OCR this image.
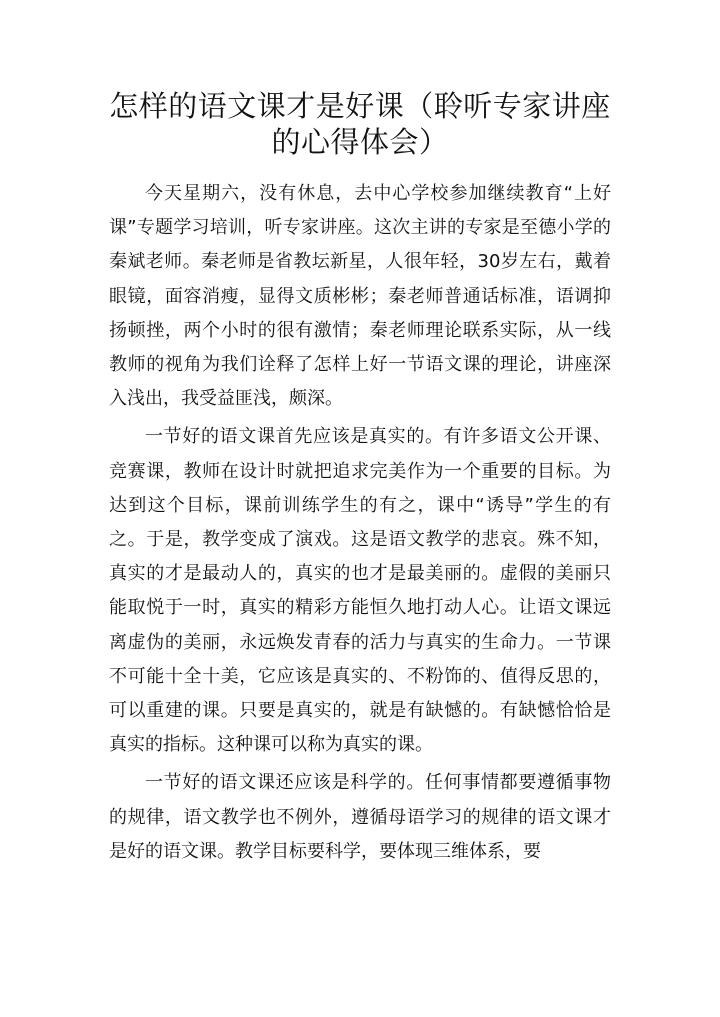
怎样的语文课才是好课（聆听专家讲座的心得体会）

今天星期六，没有休息，去中心学校参加继续教育“上好课”专题学习培训，听专家讲座。这次主讲的专家是至德小学的秦斌老师。秦老师是省教坛新星，人很年轻，30岁左右，戴着眼镜，面容消瘦，显得文质彬彬；秦老师普通话标准，语调抑扬顿挫，两个小时的很有激情；秦老师理论联系实际，从一线教师的视角为我们诠释了怎样上好一节语文课的理论，讲座深入浅出，我受益匪浅，颇深。

一节好的语文课首先应该是真实的。有许多语文公开课、竞赛课，教师在设计时就把追求完美作为一个重要的目标。为达到这个目标，课前训练学生的有之，课中“诱导”学生的有之。于是，教学变成了演戏。这是语文教学的悲哀。殊不知，真实的才是最动人的，真实的也才是最美丽的。虚假的美丽只能取悦于一时，真实的精彩方能恒久地打动人心。让语文课远离虚伪的美丽，永远焕发青春的活力与真实的生命力。一节课不可能十全十美，它应该是真实的、不粉饰的、值得反思的，可以重建的课。只要是真实的，就是有缺憾的。有缺憾恰恰是真实的指标。这种课可以称为真实的课。

一节好的语文课还应该是科学的。任何事情都要遵循事物的规律，语文教学也不例外，遵循母语学习的规律的语文课才是好的语文课。教学目标要科学，要体现三维体系，要
